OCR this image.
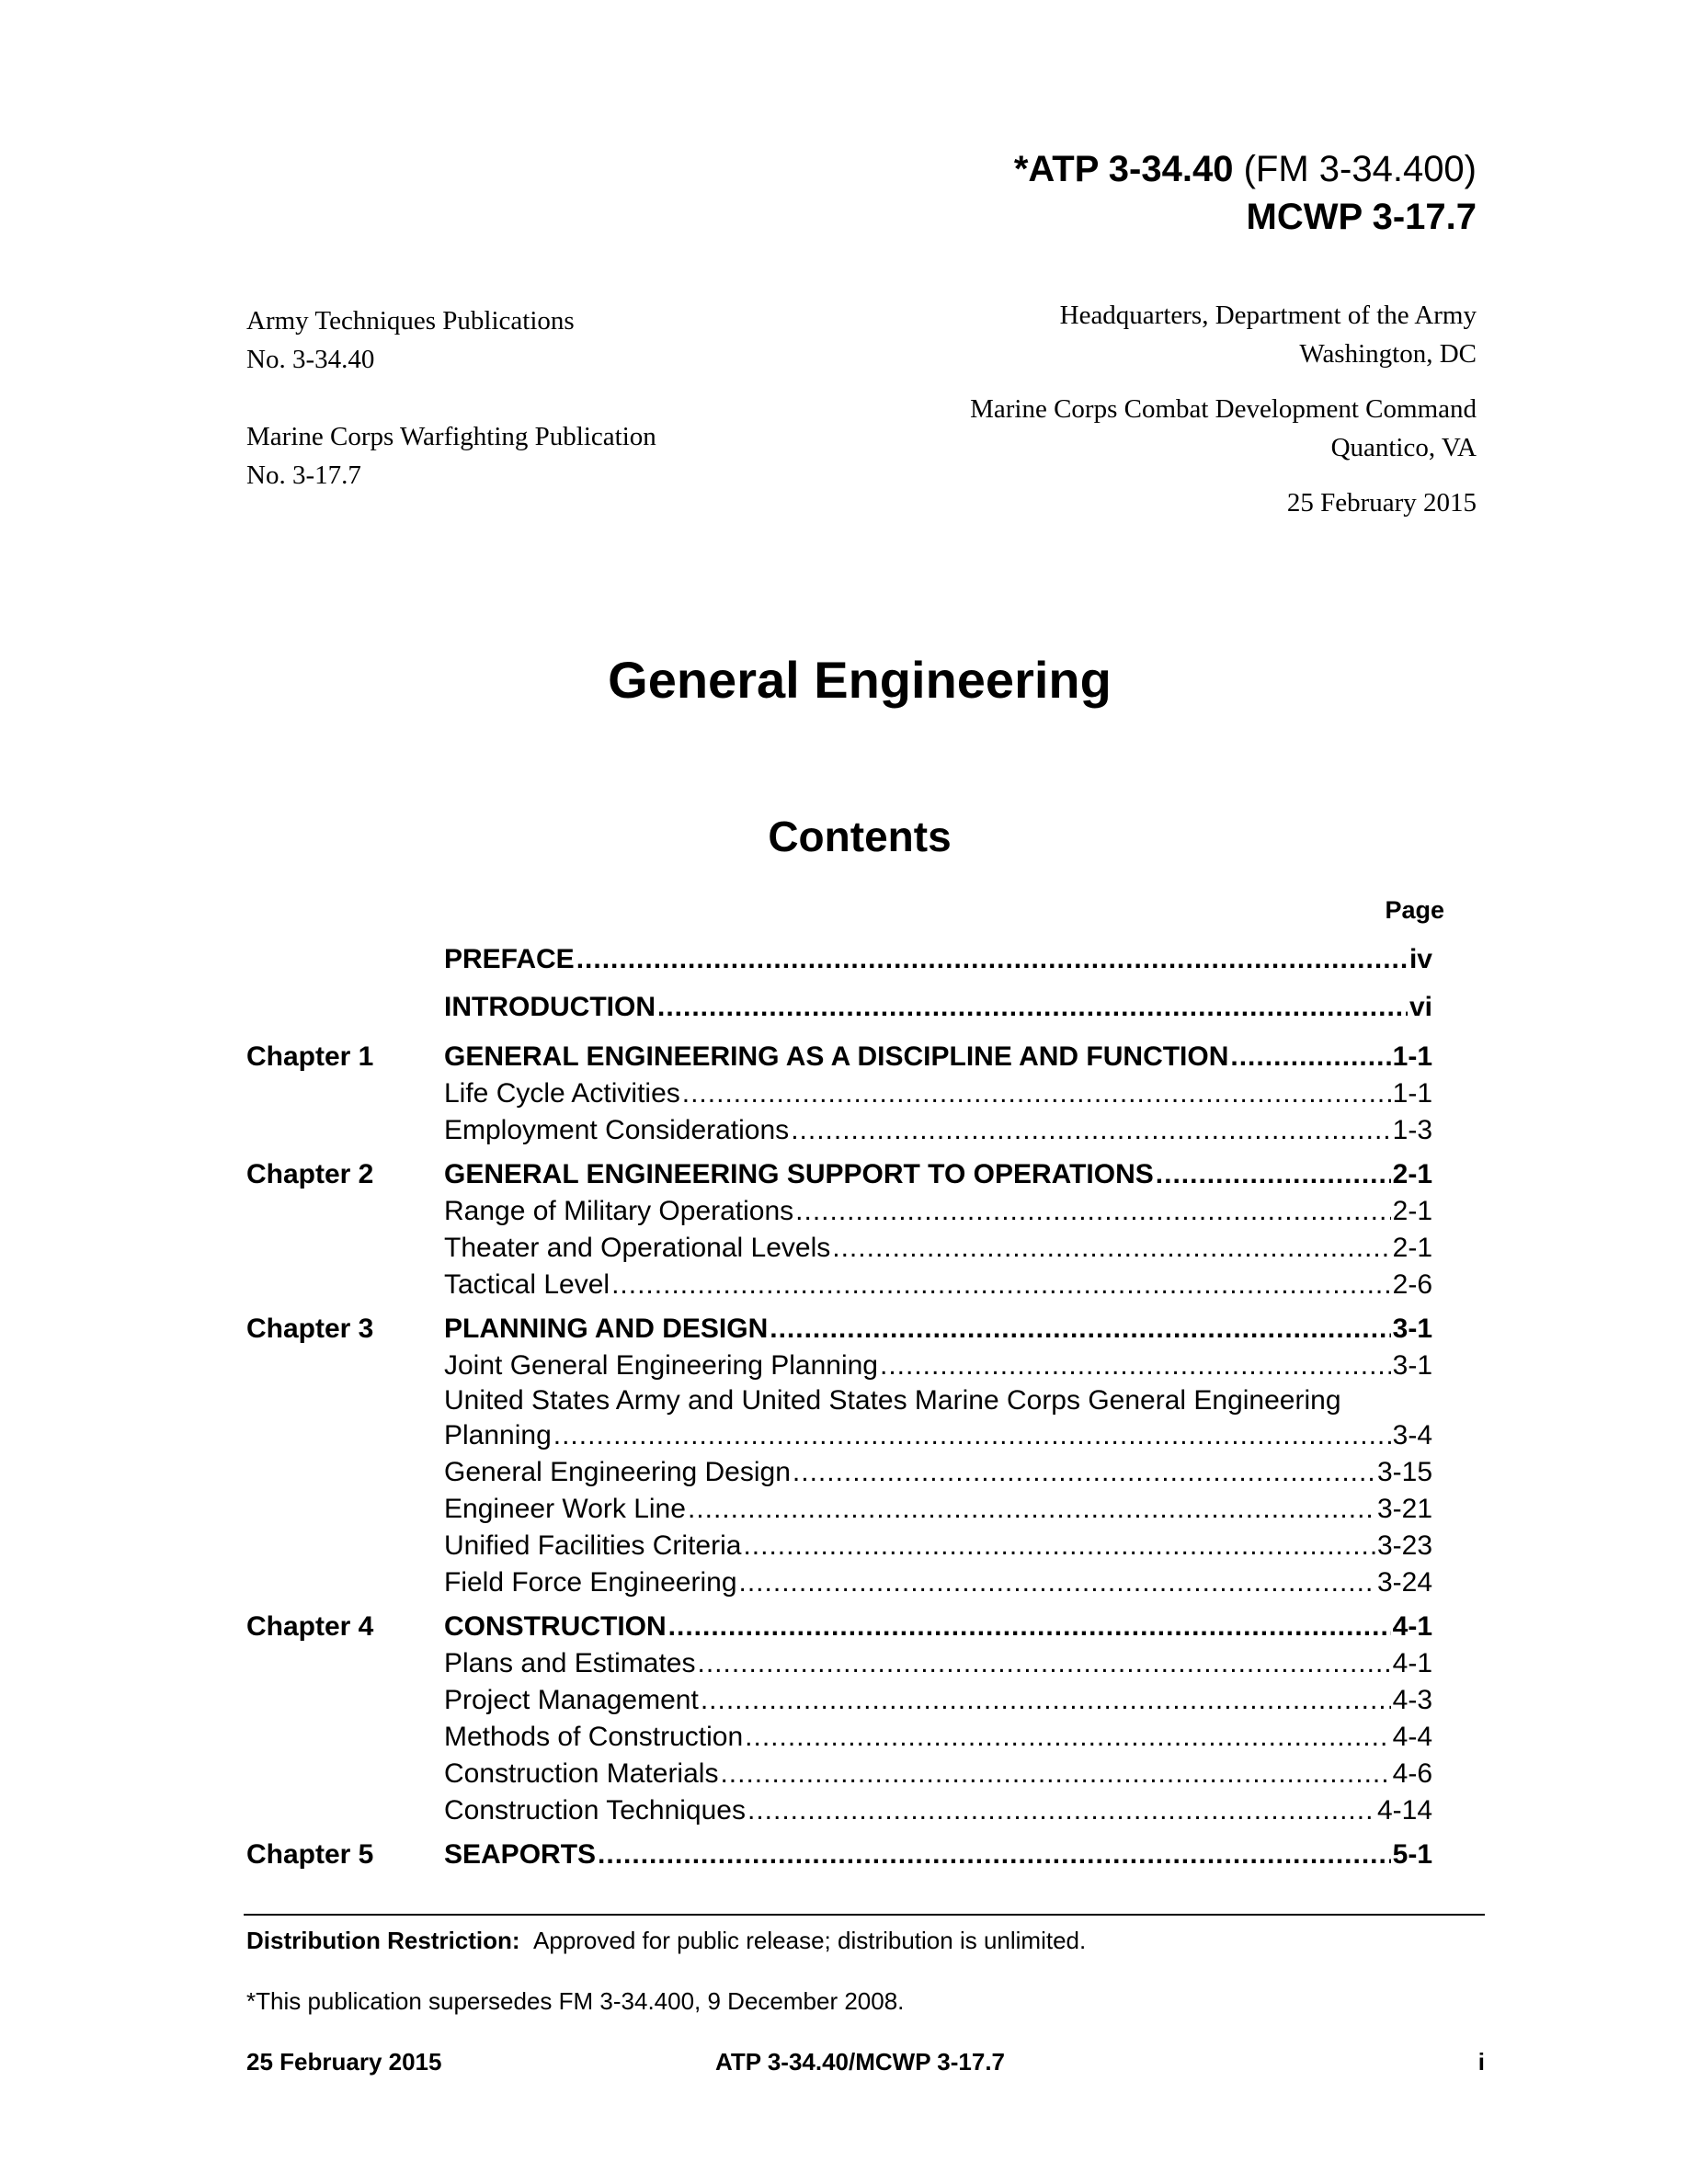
*ATP 3-34.40 (FM 3-34.400)
MCWP 3-17.7
Army Techniques Publications
No. 3-34.40
Marine Corps Warfighting Publication
No. 3-17.7
Headquarters, Department of the Army
Washington, DC
Marine Corps Combat Development Command
Quantico, VA
25 February 2015
General Engineering
Contents
Page
PREFACE .....	iv
INTRODUCTION .....	vi
Chapter 1	GENERAL ENGINEERING AS A DISCIPLINE AND FUNCTION .....	1-1
Life Cycle Activities .....	1-1
Employment Considerations .....	1-3
Chapter 2	GENERAL ENGINEERING SUPPORT TO OPERATIONS .....	2-1
Range of Military Operations .....	2-1
Theater and Operational Levels .....	2-1
Tactical Level .....	2-6
Chapter 3	PLANNING AND DESIGN .....	3-1
Joint General Engineering Planning .....	3-1
United States Army and United States Marine Corps General Engineering
Planning .....	3-4
General Engineering Design .....	3-15
Engineer Work Line .....	3-21
Unified Facilities Criteria .....	3-23
Field Force Engineering .....	3-24
Chapter 4	CONSTRUCTION .....	4-1
Plans and Estimates .....	4-1
Project Management .....	4-3
Methods of Construction .....	4-4
Construction Materials .....	4-6
Construction Techniques .....	4-14
Chapter 5	SEAPORTS .....	5-1
Distribution Restriction: Approved for public release; distribution is unlimited.
*This publication supersedes FM 3-34.400, 9 December 2008.
25 February 2015	ATP 3-34.40/MCWP 3-17.7	i
